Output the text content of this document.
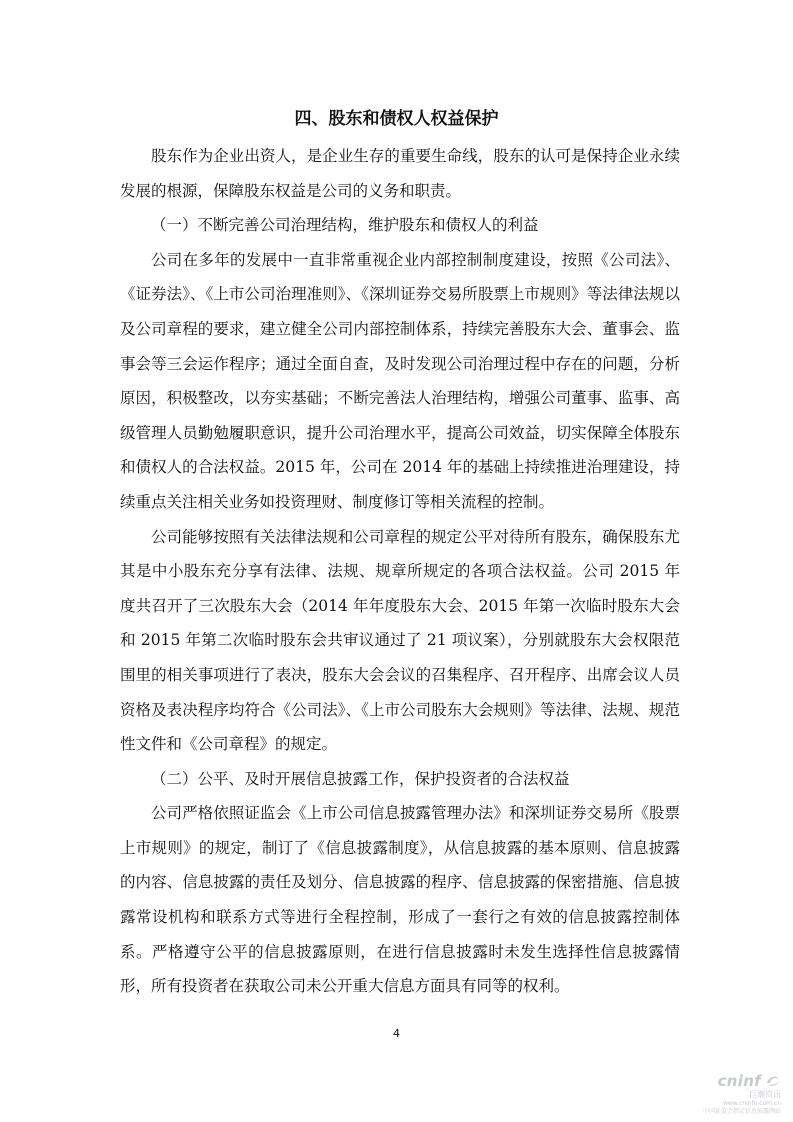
四、股东和债权人权益保护

股东作为企业出资人，是企业生存的重要生命线，股东的认可是保持企业永续发展的根源，保障股东权益是公司的义务和职责。

（一）不断完善公司治理结构，维护股东和债权人的利益

公司在多年的发展中一直非常重视企业内部控制制度建设，按照《公司法》、《证券法》、《上市公司治理准则》、《深圳证券交易所股票上市规则》等法律法规以及公司章程的要求，建立健全公司内部控制体系，持续完善股东大会、董事会、监事会等三会运作程序；通过全面自查，及时发现公司治理过程中存在的问题，分析原因，积极整改，以夯实基础；不断完善法人治理结构，增强公司董事、监事、高级管理人员勤勉履职意识，提升公司治理水平，提高公司效益，切实保障全体股东和债权人的合法权益。2015 年，公司在 2014 年的基础上持续推进治理建设，持续重点关注相关业务如投资理财、制度修订等相关流程的控制。

公司能够按照有关法律法规和公司章程的规定公平对待所有股东，确保股东尤其是中小股东充分享有法律、法规、规章所规定的各项合法权益。公司 2015 年度共召开了三次股东大会（2014 年年度股东大会、2015 年第一次临时股东大会和 2015 年第二次临时股东会共审议通过了 21 项议案），分别就股东大会权限范围里的相关事项进行了表决，股东大会会议的召集程序、召开程序、出席会议人员资格及表决程序均符合《公司法》、《上市公司股东大会规则》等法律、法规、规范性文件和《公司章程》的规定。

（二）公平、及时开展信息披露工作，保护投资者的合法权益

公司严格依照证监会《上市公司信息披露管理办法》和深圳证券交易所《股票上市规则》的规定，制订了《信息披露制度》，从信息披露的基本原则、信息披露的内容、信息披露的责任及划分、信息披露的程序、信息披露的保密措施、信息披露常设机构和联系方式等进行全程控制，形成了一套行之有效的信息披露控制体系。严格遵守公平的信息披露原则，在进行信息披露时未发生选择性信息披露情形，所有投资者在获取公司未公开重大信息方面具有同等的权利。

4
cninf
巨潮资讯
www.cninfo.com.cn
中国证监会指定信息披露网站
